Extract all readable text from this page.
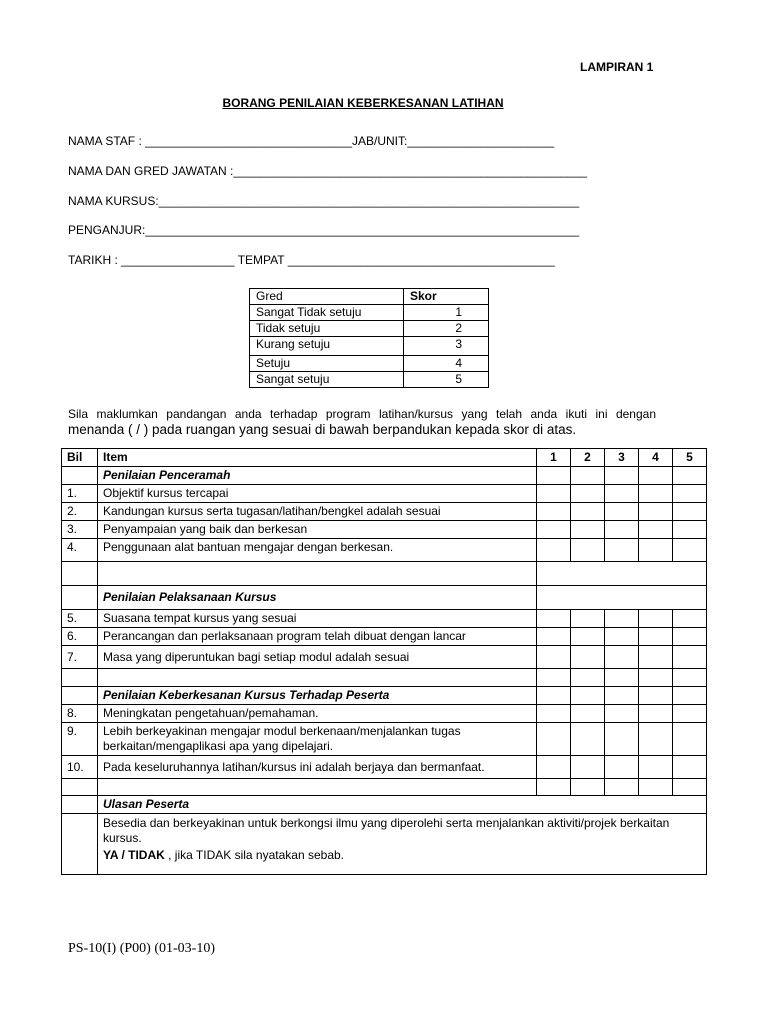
LAMPIRAN 1
BORANG PENILAIAN KEBERKESANAN LATIHAN
NAMA STAF : _______________________________JAB/UNIT:______________________
NAMA DAN GRED JAWATAN :_____________________________________________________
NAMA KURSUS:_______________________________________________________________
PENGANJUR:_________________________________________________________________
TARIKH : _________________ TEMPAT ________________________________________
Gred	Skor
Sangat Tidak setuju	1
Tidak setuju	2
Kurang setuju	3
Setuju	4
Sangat setuju	5
Sila maklumkan pandangan anda terhadap program latihan/kursus yang telah anda ikuti ini dengan
menanda ( / ) pada ruangan yang sesuai di bawah berpandukan kepada skor di atas.
Bil	Item	1	2	3	4	5
	Penilaian Penceramah					
1.	Objektif kursus tercapai					
2.	Kandungan kursus serta tugasan/latihan/bengkel adalah sesuai					
3.	Penyampaian yang baik dan berkesan					
4.	Penggunaan alat bantuan mengajar dengan berkesan.					

	Penilaian Pelaksanaan Kursus					
5.	Suasana tempat kursus yang sesuai					
6.	Perancangan dan perlaksanaan program telah dibuat dengan lancar					
7.	Masa yang diperuntukan bagi setiap modul adalah sesuai					

	Penilaian Keberkesanan Kursus Terhadap Peserta					
8.	Meningkatan pengetahuan/pemahaman.					
9.	Lebih berkeyakinan mengajar modul berkenaan/menjalankan tugas
berkaitan/mengaplikasi apa yang dipelajari.					

10.	Pada keseluruhannya latihan/kursus ini adalah berjaya dan bermanfaat.					

	Ulasan Peserta					

	Besedia dan berkeyakinan untuk berkongsi ilmu yang diperolehi serta menjalankan aktiviti/projek berkaitan
kursus.
YA / TIDAK , jika TIDAK sila nyatakan sebab.					
PS-10(I) (P00) (01-03-10)
